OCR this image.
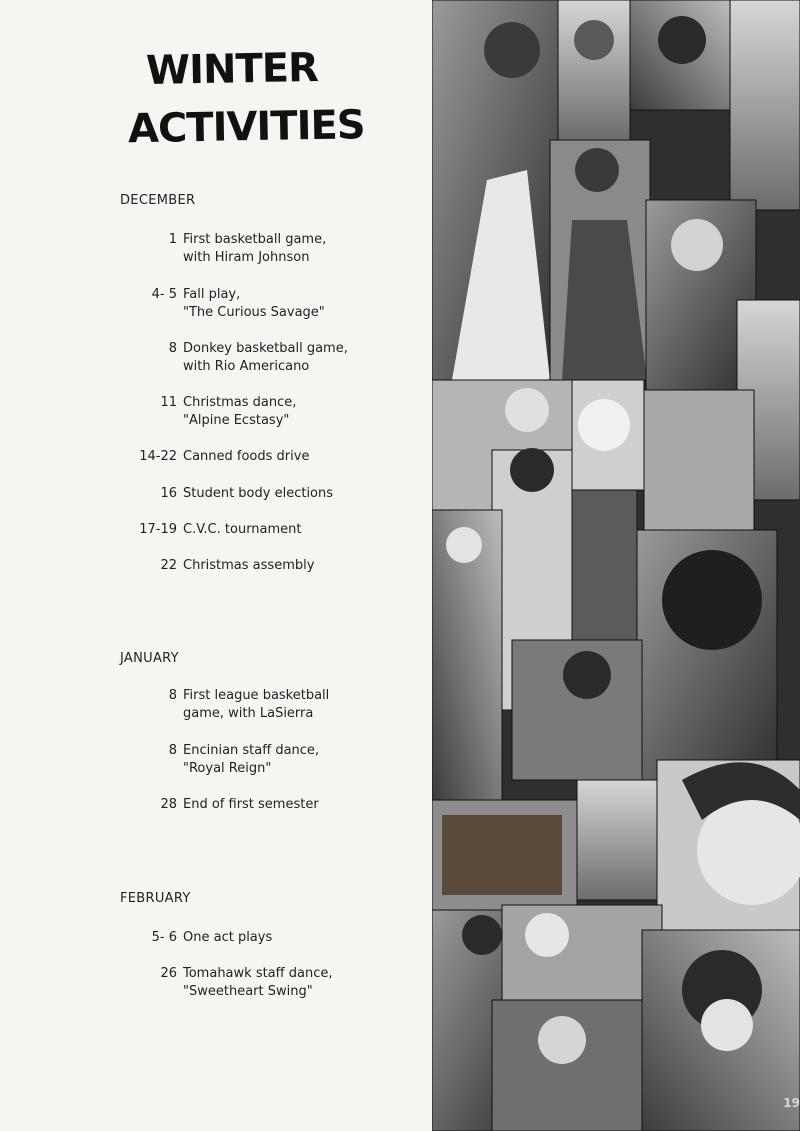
WINTER
ACTIVITIES
DECEMBER
1 First basketball game,
with Hiram Johnson
4- 5 Fall play,
"The Curious Savage"
8 Donkey basketball game,
with Rio Americano
11 Christmas dance,
"Alpine Ecstasy"
14-22 Canned foods drive
16 Student body elections
17-19 C.V.C. tournament
22 Christmas assembly
JANUARY
8 First league basketball
game, with LaSierra
8 Encinian staff dance,
"Royal Reign"
28 End of first semester
FEBRUARY
5- 6 One act plays
26 Tomahawk staff dance,
"Sweetheart Swing"
19
